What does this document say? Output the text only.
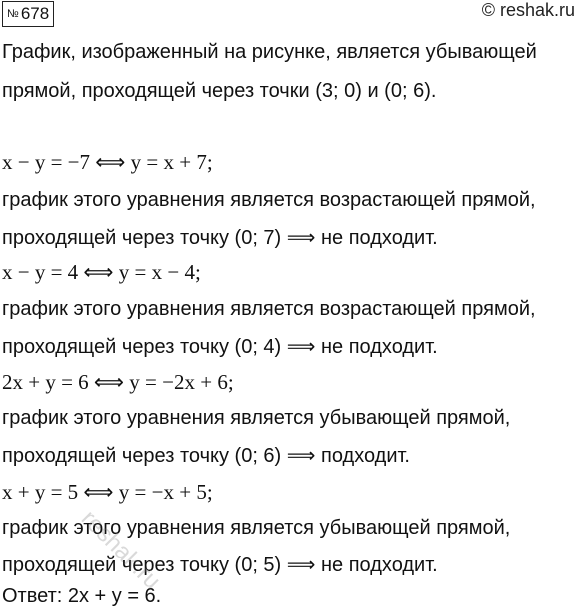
№ 678	© reshak.ru
График, изображенный на рисунке, является убывающей
прямой, проходящей через точки (3; 0) и (0; 6).
x − y = −7 ⟺ y = x + 7;
график этого уравнения является возрастающей прямой,
проходящей через точку (0; 7) ⟹ не подходит.
x − y = 4 ⟺ y = x − 4;
график этого уравнения является возрастающей прямой,
проходящей через точку (0; 4) ⟹ не подходит.
2x + y = 6 ⟺ y = −2x + 6;
график этого уравнения является убывающей прямой,
проходящей через точку (0; 6) ⟹ подходит.
x + y = 5 ⟺ y = −x + 5;
график этого уравнения является убывающей прямой,
проходящей через точку (0; 5) ⟹ не подходит.
Ответ: 2x + y = 6.
reshak.ru
